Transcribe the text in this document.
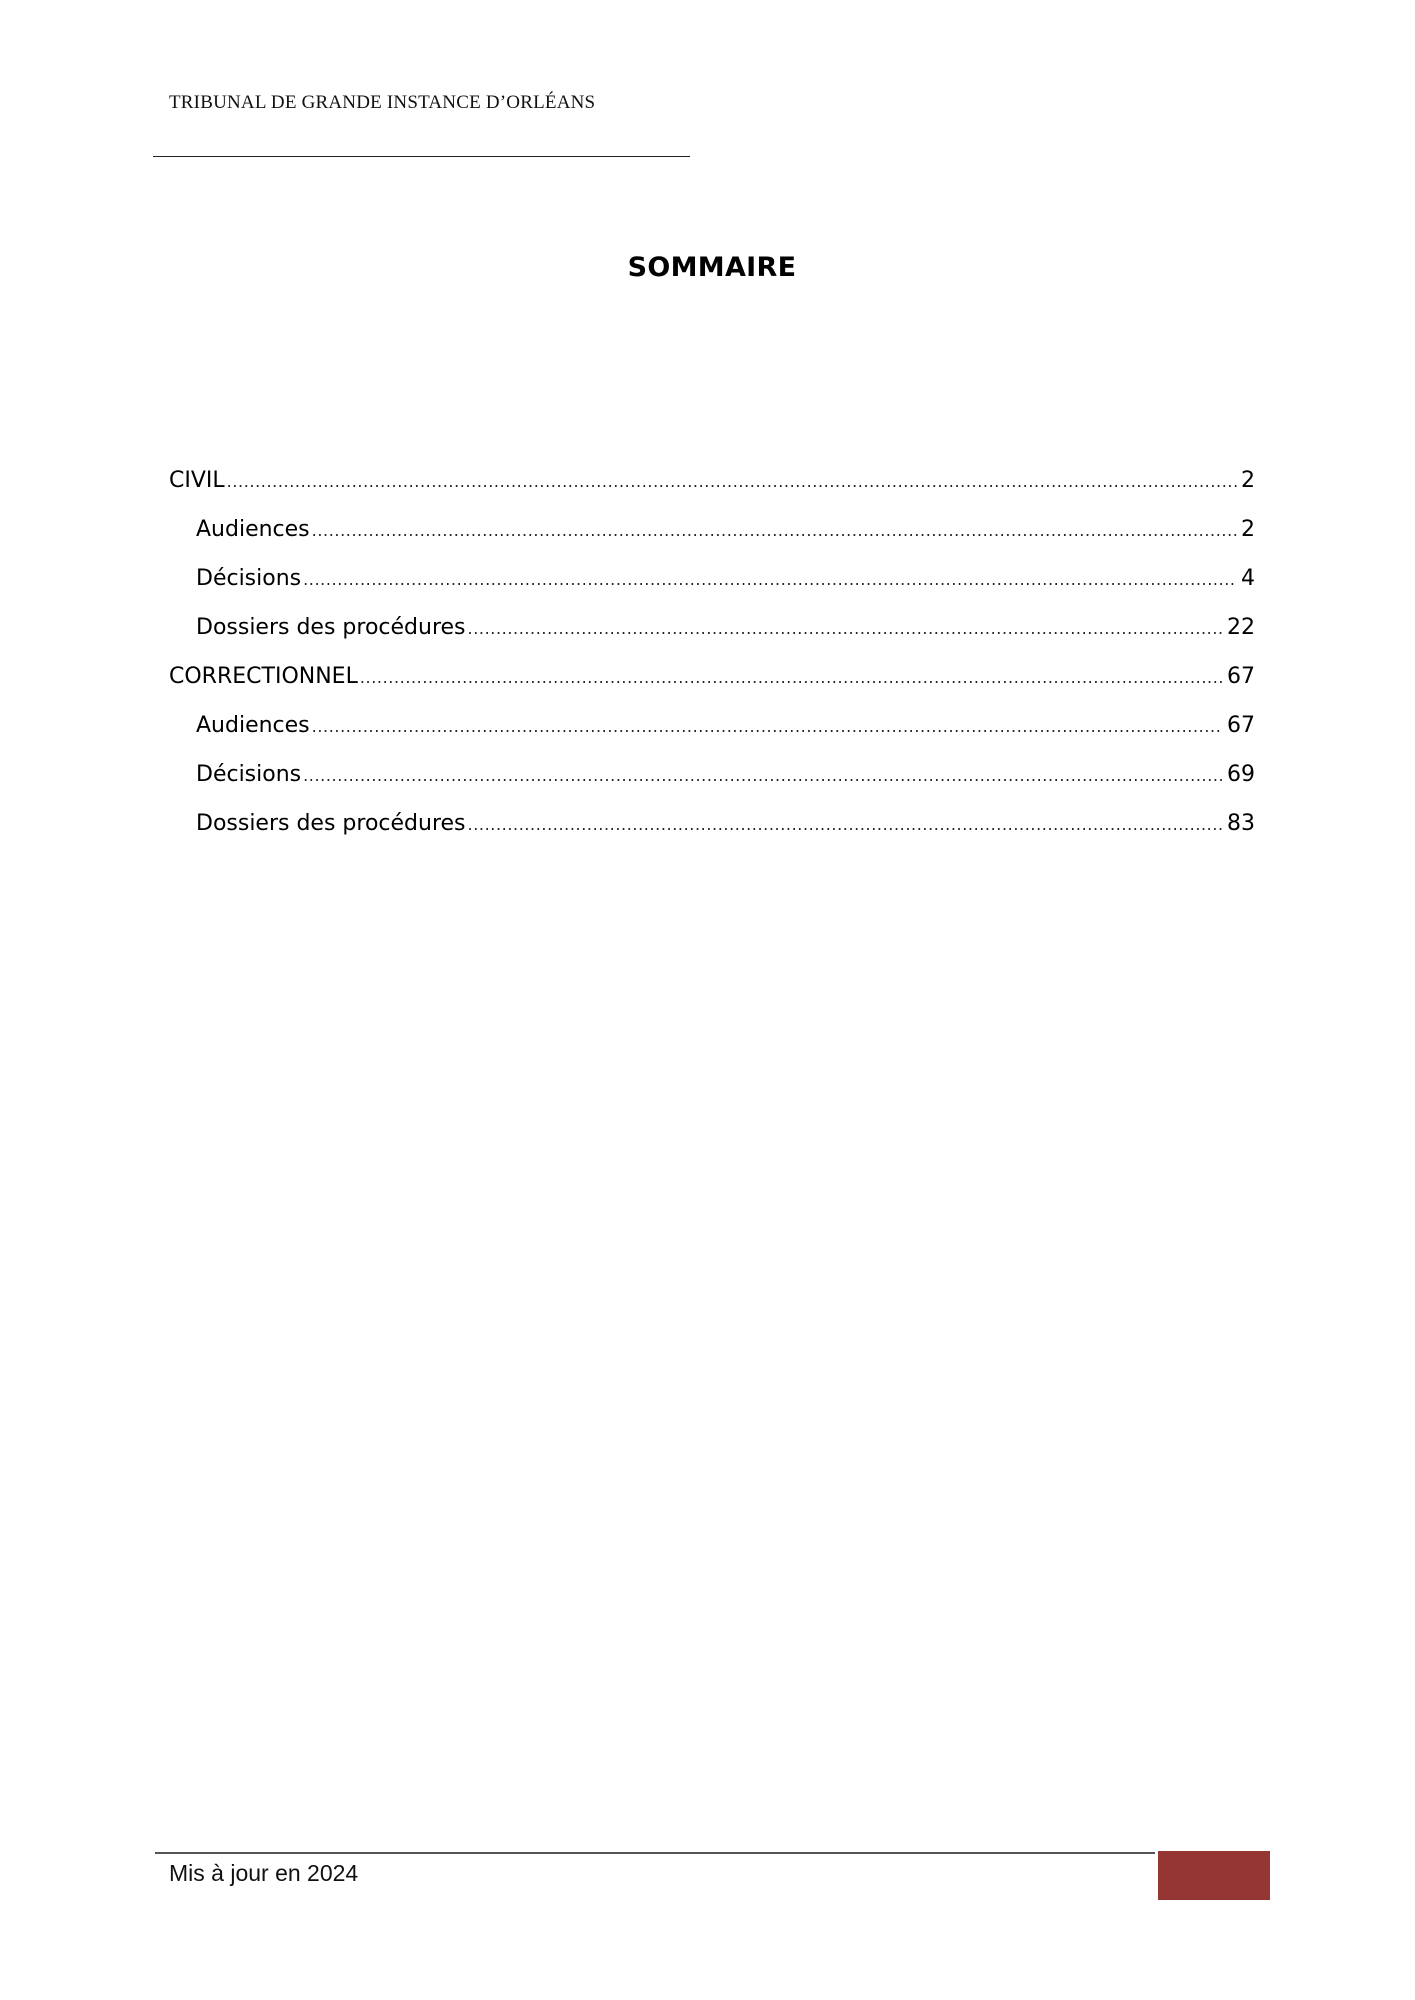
TRIBUNAL DE GRANDE INSTANCE D’ORLÉANS
SOMMAIRE
CIVIL .....	2
Audiences .....	2
Décisions .....	4
Dossiers des procédures .....	22
CORRECTIONNEL .....	67
Audiences .....	67
Décisions .....	69
Dossiers des procédures .....	83
Mis à jour en 2024
